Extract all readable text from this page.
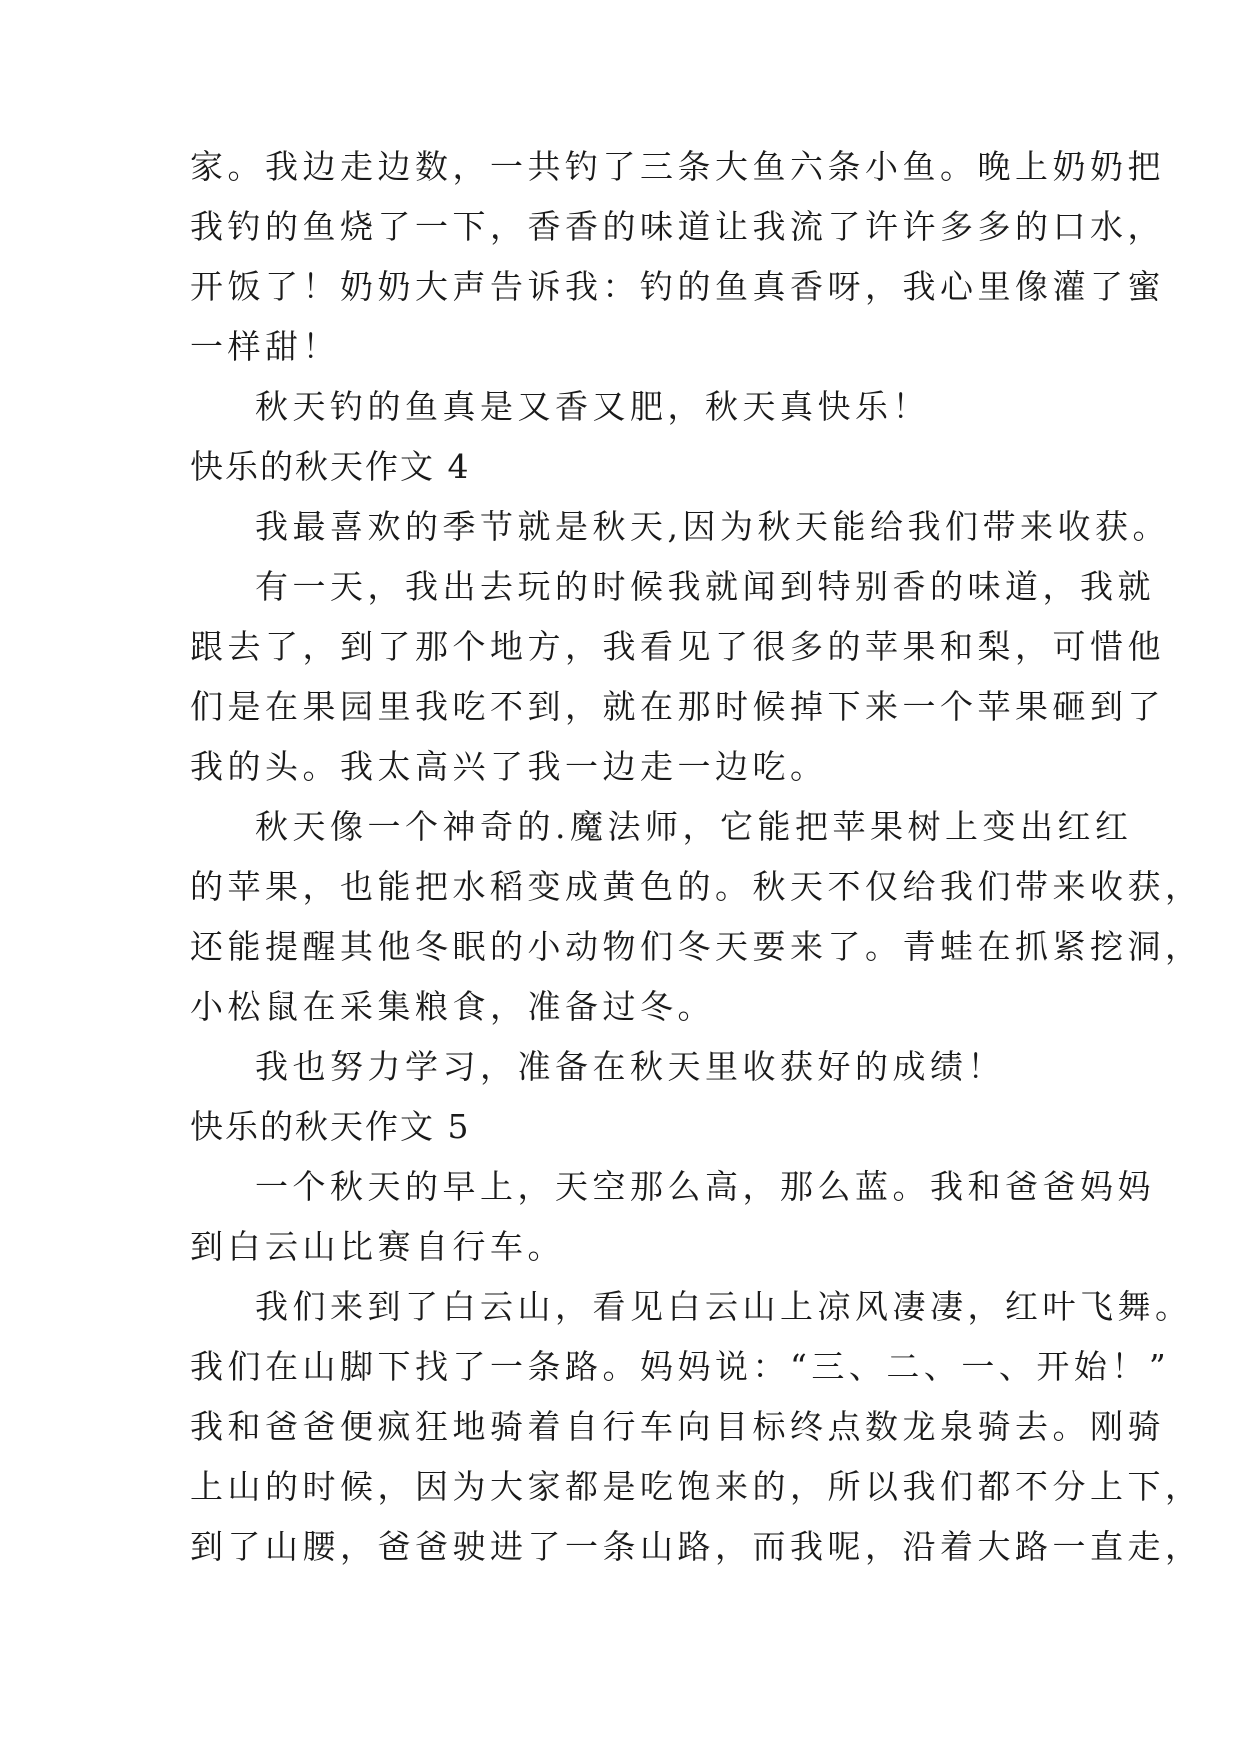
家。我边走边数，一共钓了三条大鱼六条小鱼。晚上奶奶把
我钓的鱼烧了一下，香香的味道让我流了许许多多的口水，
开饭了！奶奶大声告诉我：钓的鱼真香呀，我心里像灌了蜜
一样甜！
秋天钓的鱼真是又香又肥，秋天真快乐！
快乐的秋天作文 4
我最喜欢的季节就是秋天,因为秋天能给我们带来收获。
有一天，我出去玩的时候我就闻到特别香的味道，我就
跟去了，到了那个地方，我看见了很多的苹果和梨，可惜他
们是在果园里我吃不到，就在那时候掉下来一个苹果砸到了
我的头。我太高兴了我一边走一边吃。
秋天像一个神奇的.魔法师，它能把苹果树上变出红红
的苹果，也能把水稻变成黄色的。秋天不仅给我们带来收获，
还能提醒其他冬眠的小动物们冬天要来了。青蛙在抓紧挖洞，
小松鼠在采集粮食，准备过冬。
我也努力学习，准备在秋天里收获好的成绩！
快乐的秋天作文 5
一个秋天的早上，天空那么高，那么蓝。我和爸爸妈妈
到白云山比赛自行车。
我们来到了白云山，看见白云山上凉风凄凄，红叶飞舞。
我们在山脚下找了一条路。妈妈说：“三、二、一、开始！”
我和爸爸便疯狂地骑着自行车向目标终点数龙泉骑去。刚骑
上山的时候，因为大家都是吃饱来的，所以我们都不分上下，
到了山腰，爸爸驶进了一条山路，而我呢，沿着大路一直走，
